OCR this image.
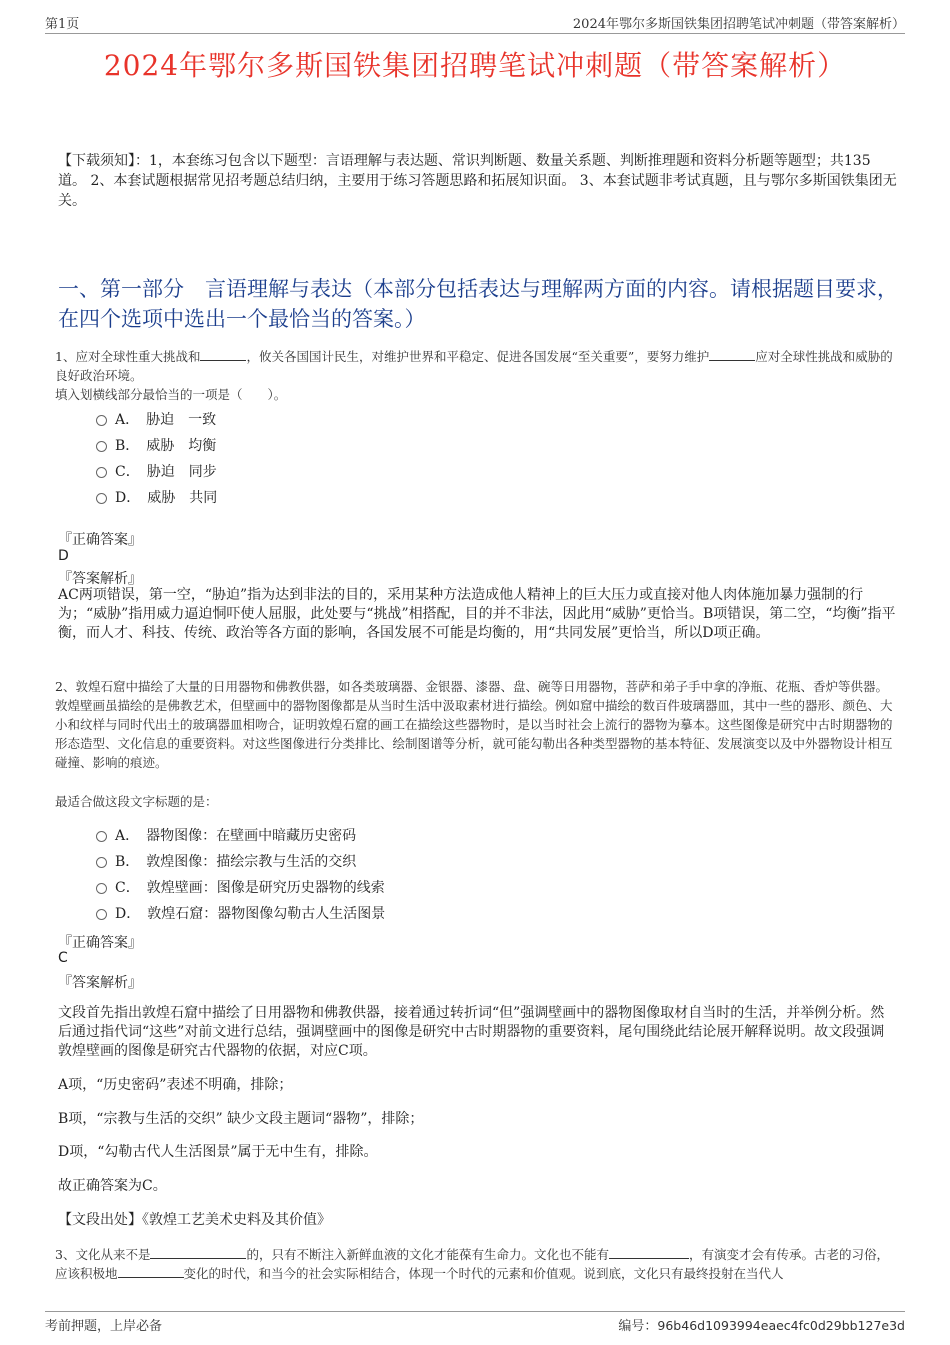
第1页	2024年鄂尔多斯国铁集团招聘笔试冲刺题（带答案解析）
2024年鄂尔多斯国铁集团招聘笔试冲刺题（带答案解析）
【下载须知】：1，本套练习包含以下题型：言语理解与表达题、常识判断题、数量关系题、判断推理题和资料分析题等题型；共135道。 2、本套试题根据常见招考题总结归纳，主要用于练习答题思路和拓展知识面。 3、本套试题非考试真题，且与鄂尔多斯国铁集团无关。
一、第一部分　言语理解与表达（本部分包括表达与理解两方面的内容。请根据题目要求，在四个选项中选出一个最恰当的答案。）
1、应对全球性重大挑战和	，攸关各国国计民生，对维护世界和平稳定、促进各国发展“至关重要”，要努力维护	应对全球性挑战和威胁的良好政治环境。
填入划横线部分最恰当的一项是（　　）。
A．　胁迫　一致
B．　威胁　均衡
C．　胁迫　同步
D．　威胁　共同
『正确答案』
D
『答案解析』
AC两项错误，第一空，“胁迫”指为达到非法的目的，采用某种方法造成他人精神上的巨大压力或直接对他人肉体施加暴力强制的行为；“威胁”指用威力逼迫恫吓使人屈服，此处要与“挑战”相搭配，目的并不非法，因此用“威胁”更恰当。B项错误，第二空，“均衡”指平衡，而人才、科技、传统、政治等各方面的影响，各国发展不可能是均衡的，用“共同发展”更恰当，所以D项正确。
2、敦煌石窟中描绘了大量的日用器物和佛教供器，如各类玻璃器、金银器、漆器、盘、碗等日用器物，菩萨和弟子手中拿的净瓶、花瓶、香炉等供器。敦煌壁画虽描绘的是佛教艺术，但壁画中的器物图像都是从当时生活中汲取素材进行描绘。例如窟中描绘的数百件玻璃器皿，其中一些的器形、颜色、大小和纹样与同时代出土的玻璃器皿相吻合，证明敦煌石窟的画工在描绘这些器物时，是以当时社会上流行的器物为摹本。这些图像是研究中古时期器物的形态造型、文化信息的重要资料。对这些图像进行分类排比、绘制图谱等分析，就可能勾勒出各种类型器物的基本特征、发展演变以及中外器物设计相互碰撞、影响的痕迹。
最适合做这段文字标题的是：
A．　器物图像：在壁画中暗藏历史密码
B．　敦煌图像：描绘宗教与生活的交织
C．　敦煌壁画：图像是研究历史器物的线索
D．　敦煌石窟：器物图像勾勒古人生活图景
『正确答案』
C
『答案解析』
文段首先指出敦煌石窟中描绘了日用器物和佛教供器，接着通过转折词“但”强调壁画中的器物图像取材自当时的生活，并举例分析。然后通过指代词“这些”对前文进行总结，强调壁画中的图像是研究中古时期器物的重要资料，尾句围绕此结论展开解释说明。故文段强调敦煌壁画的图像是研究古代器物的依据，对应C项。
A项，“历史密码”表述不明确，排除；
B项，“宗教与生活的交织” 缺少文段主题词“器物”，排除；
D项，“勾勒古代人生活图景”属于无中生有，排除。
故正确答案为C。
【文段出处】《敦煌工艺美术史料及其价值》
3、文化从来不是	的，只有不断注入新鲜血液的文化才能葆有生命力。文化也不能有	，有演变才会有传承。古老的习俗，应该积极地	变化的时代，和当今的社会实际相结合，体现一个时代的元素和价值观。说到底，文化只有最终投射在当代人
考前押题，上岸必备	编号：96b46d1093994eaec4fc0d29bb127e3d
